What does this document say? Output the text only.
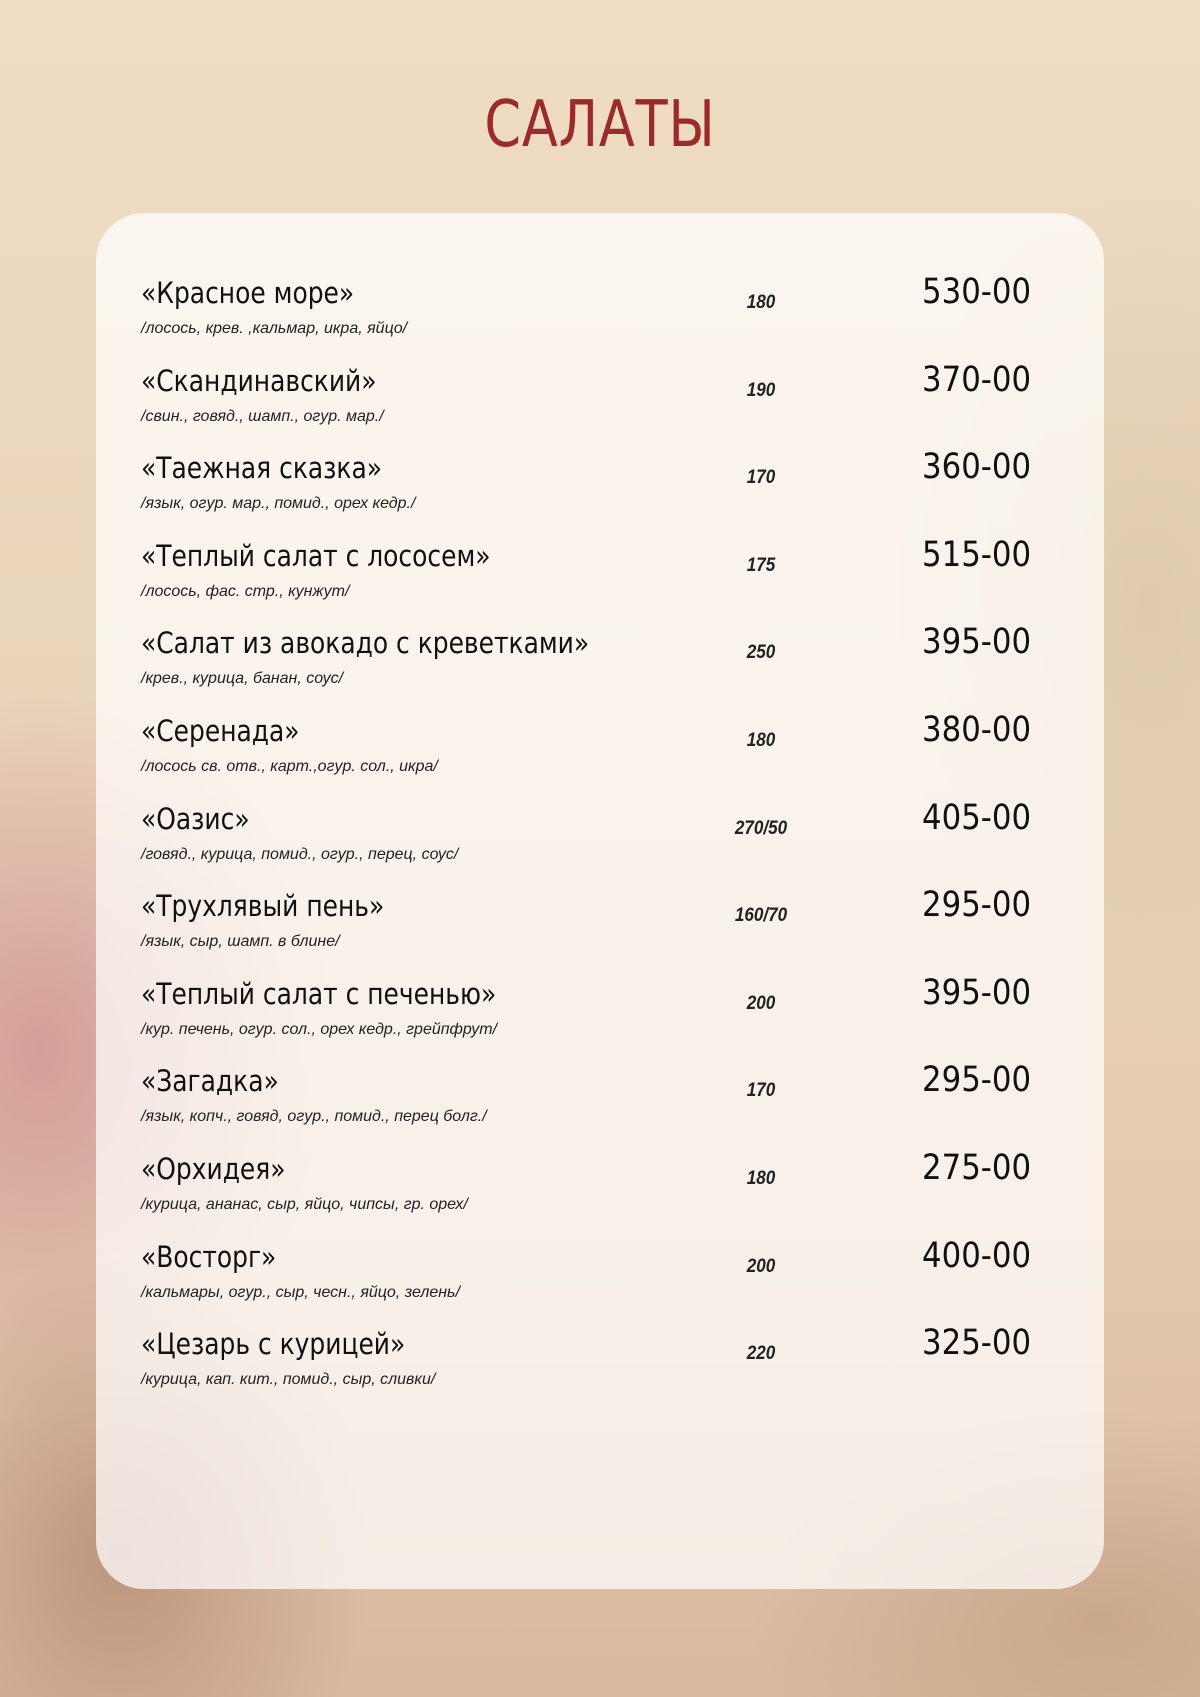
САЛАТЫ
«Красное море»
/лосось, крев. ,кальмар, икра, яйцо/
180	530-00
«Скандинавский»
/свин., говяд., шамп., огур. мар./
190	370-00
«Таежная сказка»
/язык, огур. мар., помид., орех кедр./
170	360-00
«Теплый салат с лососем»
/лосось, фас. стр., кунжут/
175	515-00
«Салат из авокадо с креветками»
/крев., курица, банан, соус/
250	395-00
«Серенада»
/лосось св. отв., карт.,огур. сол., икра/
180	380-00
«Оазис»
/говяд., курица, помид., огур., перец, соус/
270/50	405-00
«Трухлявый пень»
/язык, сыр, шамп. в блине/
160/70	295-00
«Теплый салат с печенью»
/кур. печень, огур. сол., орех кедр., грейпфрут/
200	395-00
«Загадка»
/язык, копч., говяд, огур., помид., перец болг./
170	295-00
«Орхидея»
/курица, ананас, сыр, яйцо, чипсы, гр. орех/
180	275-00
«Восторг»
/кальмары, огур., сыр, чесн., яйцо, зелень/
200	400-00
«Цезарь с курицей»
/курица, кап. кит., помид., сыр, сливки/
220	325-00
